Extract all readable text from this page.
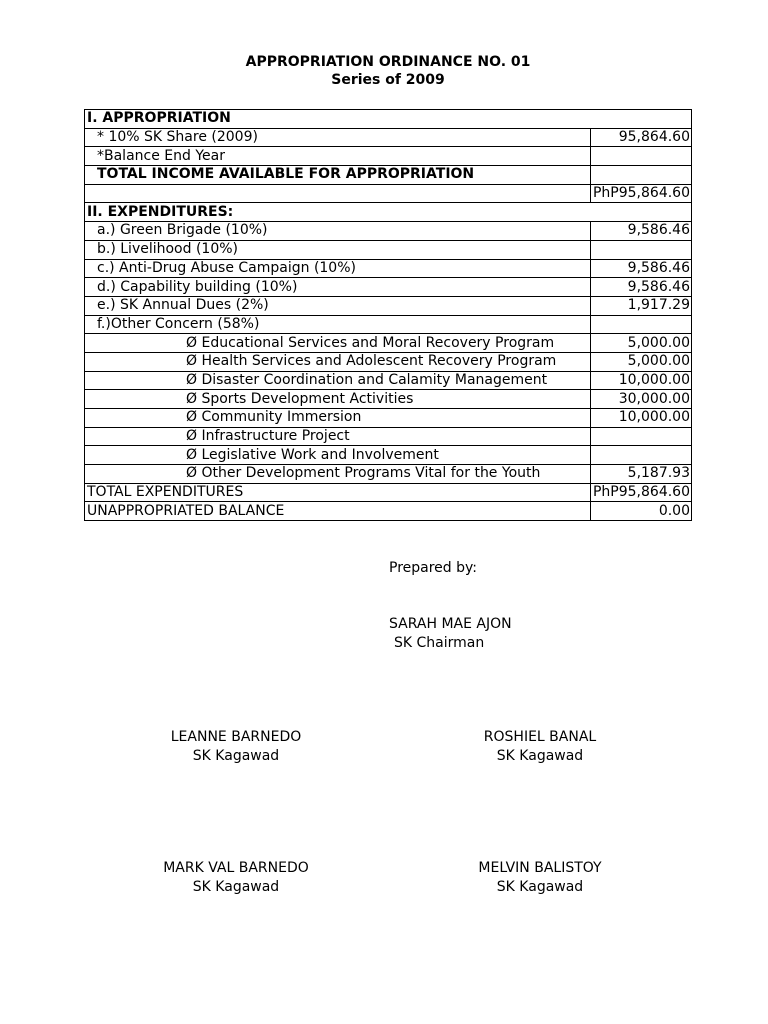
APPROPRIATION ORDINANCE NO. 01
Series of 2009
I. APPROPRIATION	
* 10% SK Share (2009)	95,864.60
*Balance End Year	
TOTAL INCOME AVAILABLE FOR APPROPRIATION	
	PhP95,864.60
II. EXPENDITURES:	
a.) Green Brigade (10%)	9,586.46
b.) Livelihood (10%)	
c.) Anti-Drug Abuse Campaign (10%)	9,586.46
d.) Capability building (10%)	9,586.46
e.) SK Annual Dues (2%)	1,917.29
f.)Other Concern (58%)	
Ø Educational Services and Moral Recovery Program	5,000.00
Ø Health Services and Adolescent Recovery Program	5,000.00
Ø Disaster Coordination and Calamity Management	10,000.00
Ø Sports Development Activities	30,000.00
Ø Community Immersion	10,000.00
Ø Infrastructure Project	
Ø Legislative Work and Involvement	
Ø Other Development Programs Vital for the Youth	5,187.93
TOTAL EXPENDITURES	PhP95,864.60
UNAPPROPRIATED BALANCE	0.00
Prepared by:
SARAH MAE AJON
SK Chairman
LEANNE BARNEDO
SK Kagawad
ROSHIEL BANAL
SK Kagawad
MARK VAL BARNEDO
SK Kagawad
MELVIN BALISTOY
SK Kagawad
